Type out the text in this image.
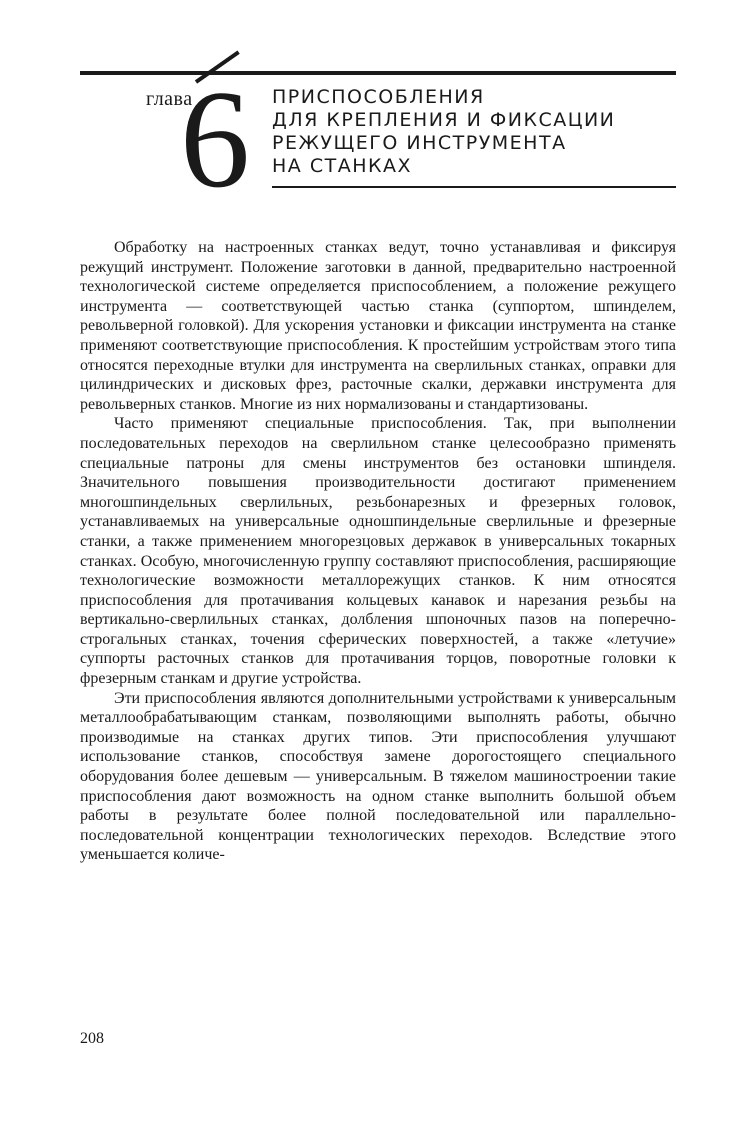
глава
6 ПРИСПОСОБЛЕНИЯ
ДЛЯ КРЕПЛЕНИЯ И ФИКСАЦИИ
РЕЖУЩЕГО ИНСТРУМЕНТА
НА СТАНКАХ

Обработку на настроенных станках ведут, точно устанавливая и фиксируя режущий инструмент. Положение заготовки в данной, предварительно настроенной технологической системе определяется приспособлением, а положение режущего инструмента — соответствующей частью станка (суппортом, шпинделем, револьверной головкой). Для ускорения установки и фиксации инструмента на станке применяют соответствующие приспособления. К простейшим устройствам этого типа относятся переходные втулки для инструмента на сверлильных станках, оправки для цилиндрических и дисковых фрез, расточные скалки, державки инструмента для револьверных станков. Многие из них нормализованы и стандартизованы.

Часто применяют специальные приспособления. Так, при выполнении последовательных переходов на сверлильном станке целесообразно применять специальные патроны для смены инструментов без остановки шпинделя. Значительного повышения производительности достигают применением многошпиндельных сверлильных, резьбонарезных и фрезерных головок, устанавливаемых на универсальные одношпиндельные сверлильные и фрезерные станки, а также применением многорезцовых державок в универсальных токарных станках. Особую, многочисленную группу составляют приспособления, расширяющие технологические возможности металлорежущих станков. К ним относятся приспособления для протачивания кольцевых канавок и нарезания резьбы на вертикально-сверлильных станках, долбления шпоночных пазов на поперечно-строгальных станках, точения сферических поверхностей, а также «летучие» суппорты расточных станков для протачивания торцов, поворотные головки к фрезерным станкам и другие устройства.

Эти приспособления являются дополнительными устройствами к универсальным металлообрабатывающим станкам, позволяющими выполнять работы, обычно производимые на станках других типов. Эти приспособления улучшают использование станков, способствуя замене дорогостоящего специального оборудования более дешевым — универсальным. В тяжелом машиностроении такие приспособления дают возможность на одном станке выполнить большой объем работы в результате более полной последовательной или параллельно-последовательной концентрации технологических переходов. Вследствие этого уменьшается количе-

208
